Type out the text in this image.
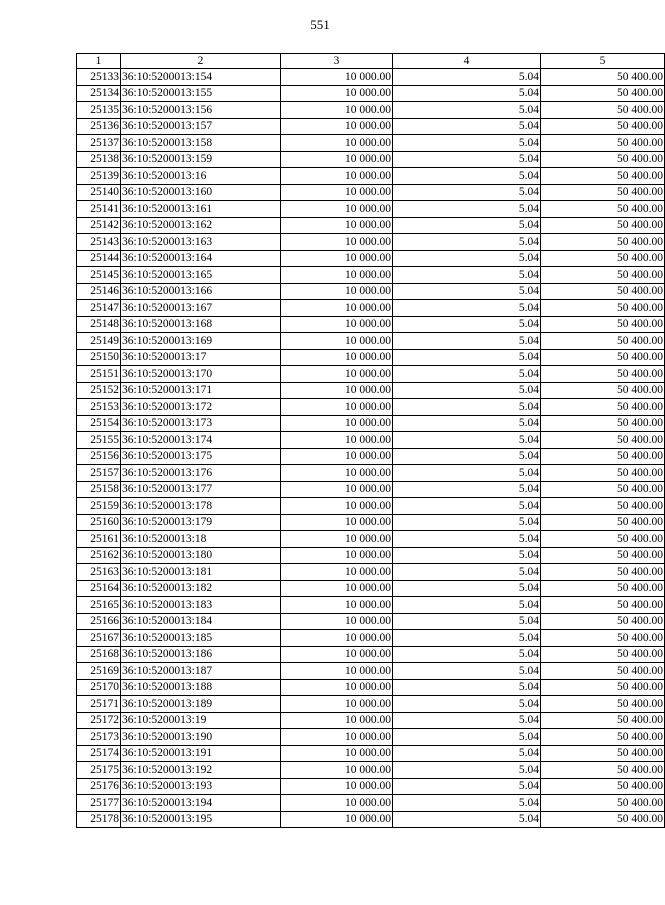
551
1	2	3	4	5
25133	36:10:5200013:154	10 000.00	5.04	50 400.00
25134	36:10:5200013:155	10 000.00	5.04	50 400.00
25135	36:10:5200013:156	10 000.00	5.04	50 400.00
25136	36:10:5200013:157	10 000.00	5.04	50 400.00
25137	36:10:5200013:158	10 000.00	5.04	50 400.00
25138	36:10:5200013:159	10 000.00	5.04	50 400.00
25139	36:10:5200013:16	10 000.00	5.04	50 400.00
25140	36:10:5200013:160	10 000.00	5.04	50 400.00
25141	36:10:5200013:161	10 000.00	5.04	50 400.00
25142	36:10:5200013:162	10 000.00	5.04	50 400.00
25143	36:10:5200013:163	10 000.00	5.04	50 400.00
25144	36:10:5200013:164	10 000.00	5.04	50 400.00
25145	36:10:5200013:165	10 000.00	5.04	50 400.00
25146	36:10:5200013:166	10 000.00	5.04	50 400.00
25147	36:10:5200013:167	10 000.00	5.04	50 400.00
25148	36:10:5200013:168	10 000.00	5.04	50 400.00
25149	36:10:5200013:169	10 000.00	5.04	50 400.00
25150	36:10:5200013:17	10 000.00	5.04	50 400.00
25151	36:10:5200013:170	10 000.00	5.04	50 400.00
25152	36:10:5200013:171	10 000.00	5.04	50 400.00
25153	36:10:5200013:172	10 000.00	5.04	50 400.00
25154	36:10:5200013:173	10 000.00	5.04	50 400.00
25155	36:10:5200013:174	10 000.00	5.04	50 400.00
25156	36:10:5200013:175	10 000.00	5.04	50 400.00
25157	36:10:5200013:176	10 000.00	5.04	50 400.00
25158	36:10:5200013:177	10 000.00	5.04	50 400.00
25159	36:10:5200013:178	10 000.00	5.04	50 400.00
25160	36:10:5200013:179	10 000.00	5.04	50 400.00
25161	36:10:5200013:18	10 000.00	5.04	50 400.00
25162	36:10:5200013:180	10 000.00	5.04	50 400.00
25163	36:10:5200013:181	10 000.00	5.04	50 400.00
25164	36:10:5200013:182	10 000.00	5.04	50 400.00
25165	36:10:5200013:183	10 000.00	5.04	50 400.00
25166	36:10:5200013:184	10 000.00	5.04	50 400.00
25167	36:10:5200013:185	10 000.00	5.04	50 400.00
25168	36:10:5200013:186	10 000.00	5.04	50 400.00
25169	36:10:5200013:187	10 000.00	5.04	50 400.00
25170	36:10:5200013:188	10 000.00	5.04	50 400.00
25171	36:10:5200013:189	10 000.00	5.04	50 400.00
25172	36:10:5200013:19	10 000.00	5.04	50 400.00
25173	36:10:5200013:190	10 000.00	5.04	50 400.00
25174	36:10:5200013:191	10 000.00	5.04	50 400.00
25175	36:10:5200013:192	10 000.00	5.04	50 400.00
25176	36:10:5200013:193	10 000.00	5.04	50 400.00
25177	36:10:5200013:194	10 000.00	5.04	50 400.00
25178	36:10:5200013:195	10 000.00	5.04	50 400.00
